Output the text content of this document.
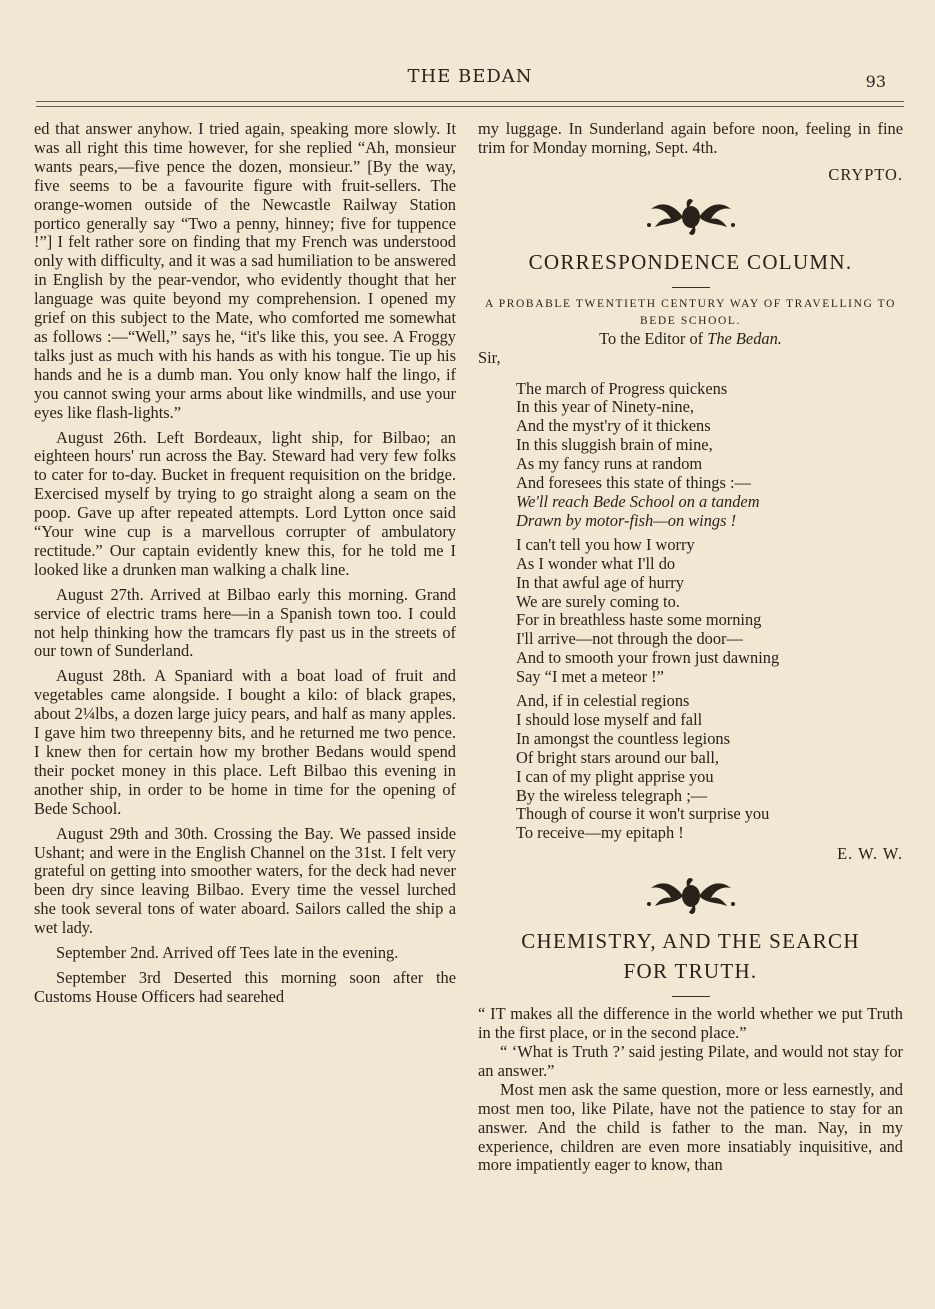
THE BEDAN	93

ed that answer anyhow. I tried again, speaking more slowly. It was all right this time however, for she replied “Ah, monsieur wants pears,—five pence the dozen, monsieur.” [By the way, five seems to be a favourite figure with fruit-sellers. The orange-women outside of the Newcastle Railway Station portico generally say “Two a penny, hinney; five for tuppence !”] I felt rather sore on finding that my French was understood only with difficulty, and it was a sad humiliation to be answered in English by the pear-vendor, who evidently thought that her language was quite beyond my comprehension. I opened my grief on this subject to the Mate, who comforted me somewhat as follows :—“Well,” says he, “it's like this, you see. A Froggy talks just as much with his hands as with his tongue. Tie up his hands and he is a dumb man. You only know half the lingo, if you cannot swing your arms about like windmills, and use your eyes like flash-lights.”

August 26th. Left Bordeaux, light ship, for Bilbao; an eighteen hours' run across the Bay. Steward had very few folks to cater for to-day. Bucket in frequent requisition on the bridge. Exercised myself by trying to go straight along a seam on the poop. Gave up after repeated attempts. Lord Lytton once said “Your wine cup is a marvellous corrupter of ambulatory rectitude.” Our captain evidently knew this, for he told me I looked like a drunken man walking a chalk line.

August 27th. Arrived at Bilbao early this morning. Grand service of electric trams here—in a Spanish town too. I could not help thinking how the tramcars fly past us in the streets of our town of Sunderland.

August 28th. A Spaniard with a boat load of fruit and vegetables came alongside. I bought a kilo: of black grapes, about 2¼lbs, a dozen large juicy pears, and half as many apples. I gave him two threepenny bits, and he returned me two pence. I knew then for certain how my brother Bedans would spend their pocket money in this place. Left Bilbao this evening in another ship, in order to be home in time for the opening of Bede School.

August 29th and 30th. Crossing the Bay. We passed inside Ushant; and were in the English Channel on the 31st. I felt very grateful on getting into smoother waters, for the deck had never been dry since leaving Bilbao. Every time the vessel lurched she took several tons of water aboard. Sailors called the ship a wet lady.

September 2nd. Arrived off Tees late in the evening.

September 3rd Deserted this morning soon after the Customs House Officers had searehed

my luggage. In Sunderland again before noon, feeling in fine trim for Monday morning, Sept. 4th.

CRYPTO.

CORRESPONDENCE COLUMN.
A PROBABLE TWENTIETH CENTURY WAY OF TRAVELLING TO BEDE SCHOOL.

To the Editor of The Bedan.

Sir,

The march of Progress quickens

In this year of Ninety-nine,

And the myst'ry of it thickens

In this sluggish brain of mine,

As my fancy runs at random

And foresees this state of things :—

We'll reach Bede School on a tandem

Drawn by motor-fish—on wings !

I can't tell you how I worry

As I wonder what I'll do

In that awful age of hurry

We are surely coming to.

For in breathless haste some morning

I'll arrive—not through the door—

And to smooth your frown just dawning

Say “I met a meteor !”

And, if in celestial regions

I should lose myself and fall

In amongst the countless legions

Of bright stars around our ball,

I can of my plight apprise you

By the wireless telegraph ;—

Though of course it won't surprise you

To receive—my epitaph !

E. W. W.

CHEMISTRY, AND THE SEARCH
FOR TRUTH.

“ IT makes all the difference in the world whether we put Truth in the first place, or in the second place.”

“ ‘What is Truth ?’ said jesting Pilate, and would not stay for an answer.”

Most men ask the same question, more or less earnestly, and most men too, like Pilate, have not the patience to stay for an answer. And the child is father to the man. Nay, in my experience, children are even more insatiably inquisitive, and more impatiently eager to know, than
